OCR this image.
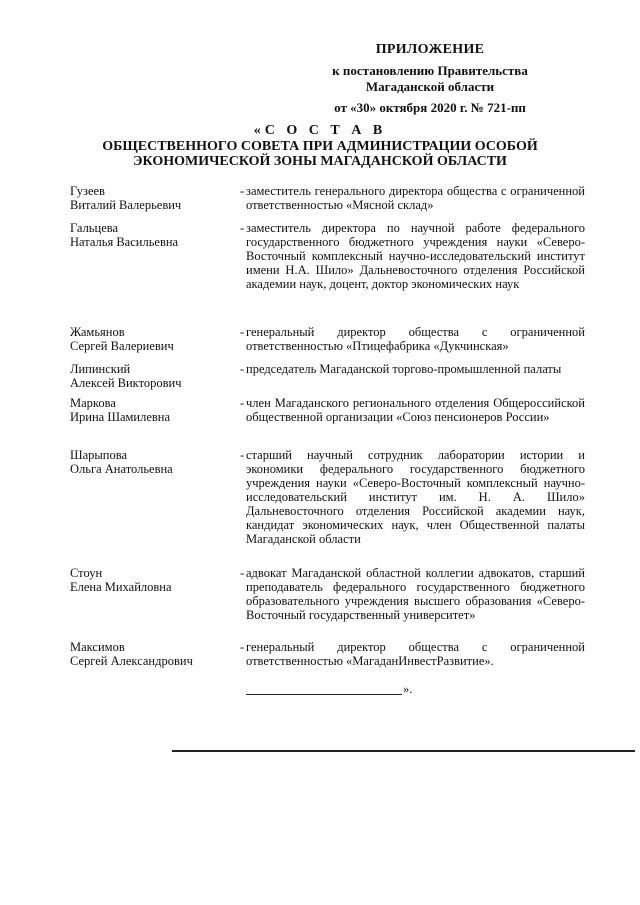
ПРИЛОЖЕНИЕ
к постановлению Правительства
Магаданской области
от «30» октября 2020 г. № 721-пп
«С О С Т А В
ОБЩЕСТВЕННОГО СОВЕТА ПРИ АДМИНИСТРАЦИИ ОСОБОЙ
ЭКОНОМИЧЕСКОЙ ЗОНЫ МАГАДАНСКОЙ ОБЛАСТИ
Гузеев
Виталий Валерьевич
- заместитель генерального директора общества с ограниченной ответственностью «Мясной склад»
Гальцева
Наталья Васильевна
- заместитель директора по научной работе федерального государственного бюджетного учреждения науки «Северо-Восточный комплексный научно-исследовательский институт имени Н.А. Шило» Дальневосточного отделения Российской академии наук, доцент, доктор экономических наук
Жамьянов
Сергей Валериевич
- генеральный директор общества с ограниченной ответственностью «Птицефабрика «Дукчинская»
Липинский
Алексей Викторович
- председатель Магаданской торгово-промышленной палаты
Маркова
Ирина Шамилевна
- член Магаданского регионального отделения Общероссийской общественной организации «Союз пенсионеров России»
Шарыпова
Ольга Анатольевна
- старший научный сотрудник лаборатории истории и экономики федерального государственного бюджетного учреждения науки «Северо-Восточный комплексный научно-исследовательский институт им. Н. А. Шило» Дальневосточного отделения Российской академии наук, кандидат экономических наук, член Общественной палаты Магаданской области
Стоун
Елена Михайловна
- адвокат Магаданской областной коллегии адвокатов, старший преподаватель федерального государственного бюджетного образовательного учреждения высшего образования «Северо-Восточный государственный университет»
Максимов
Сергей Александрович
- генеральный директор общества с ограниченной ответственностью «МагаданИнвестРазвитие».
».
